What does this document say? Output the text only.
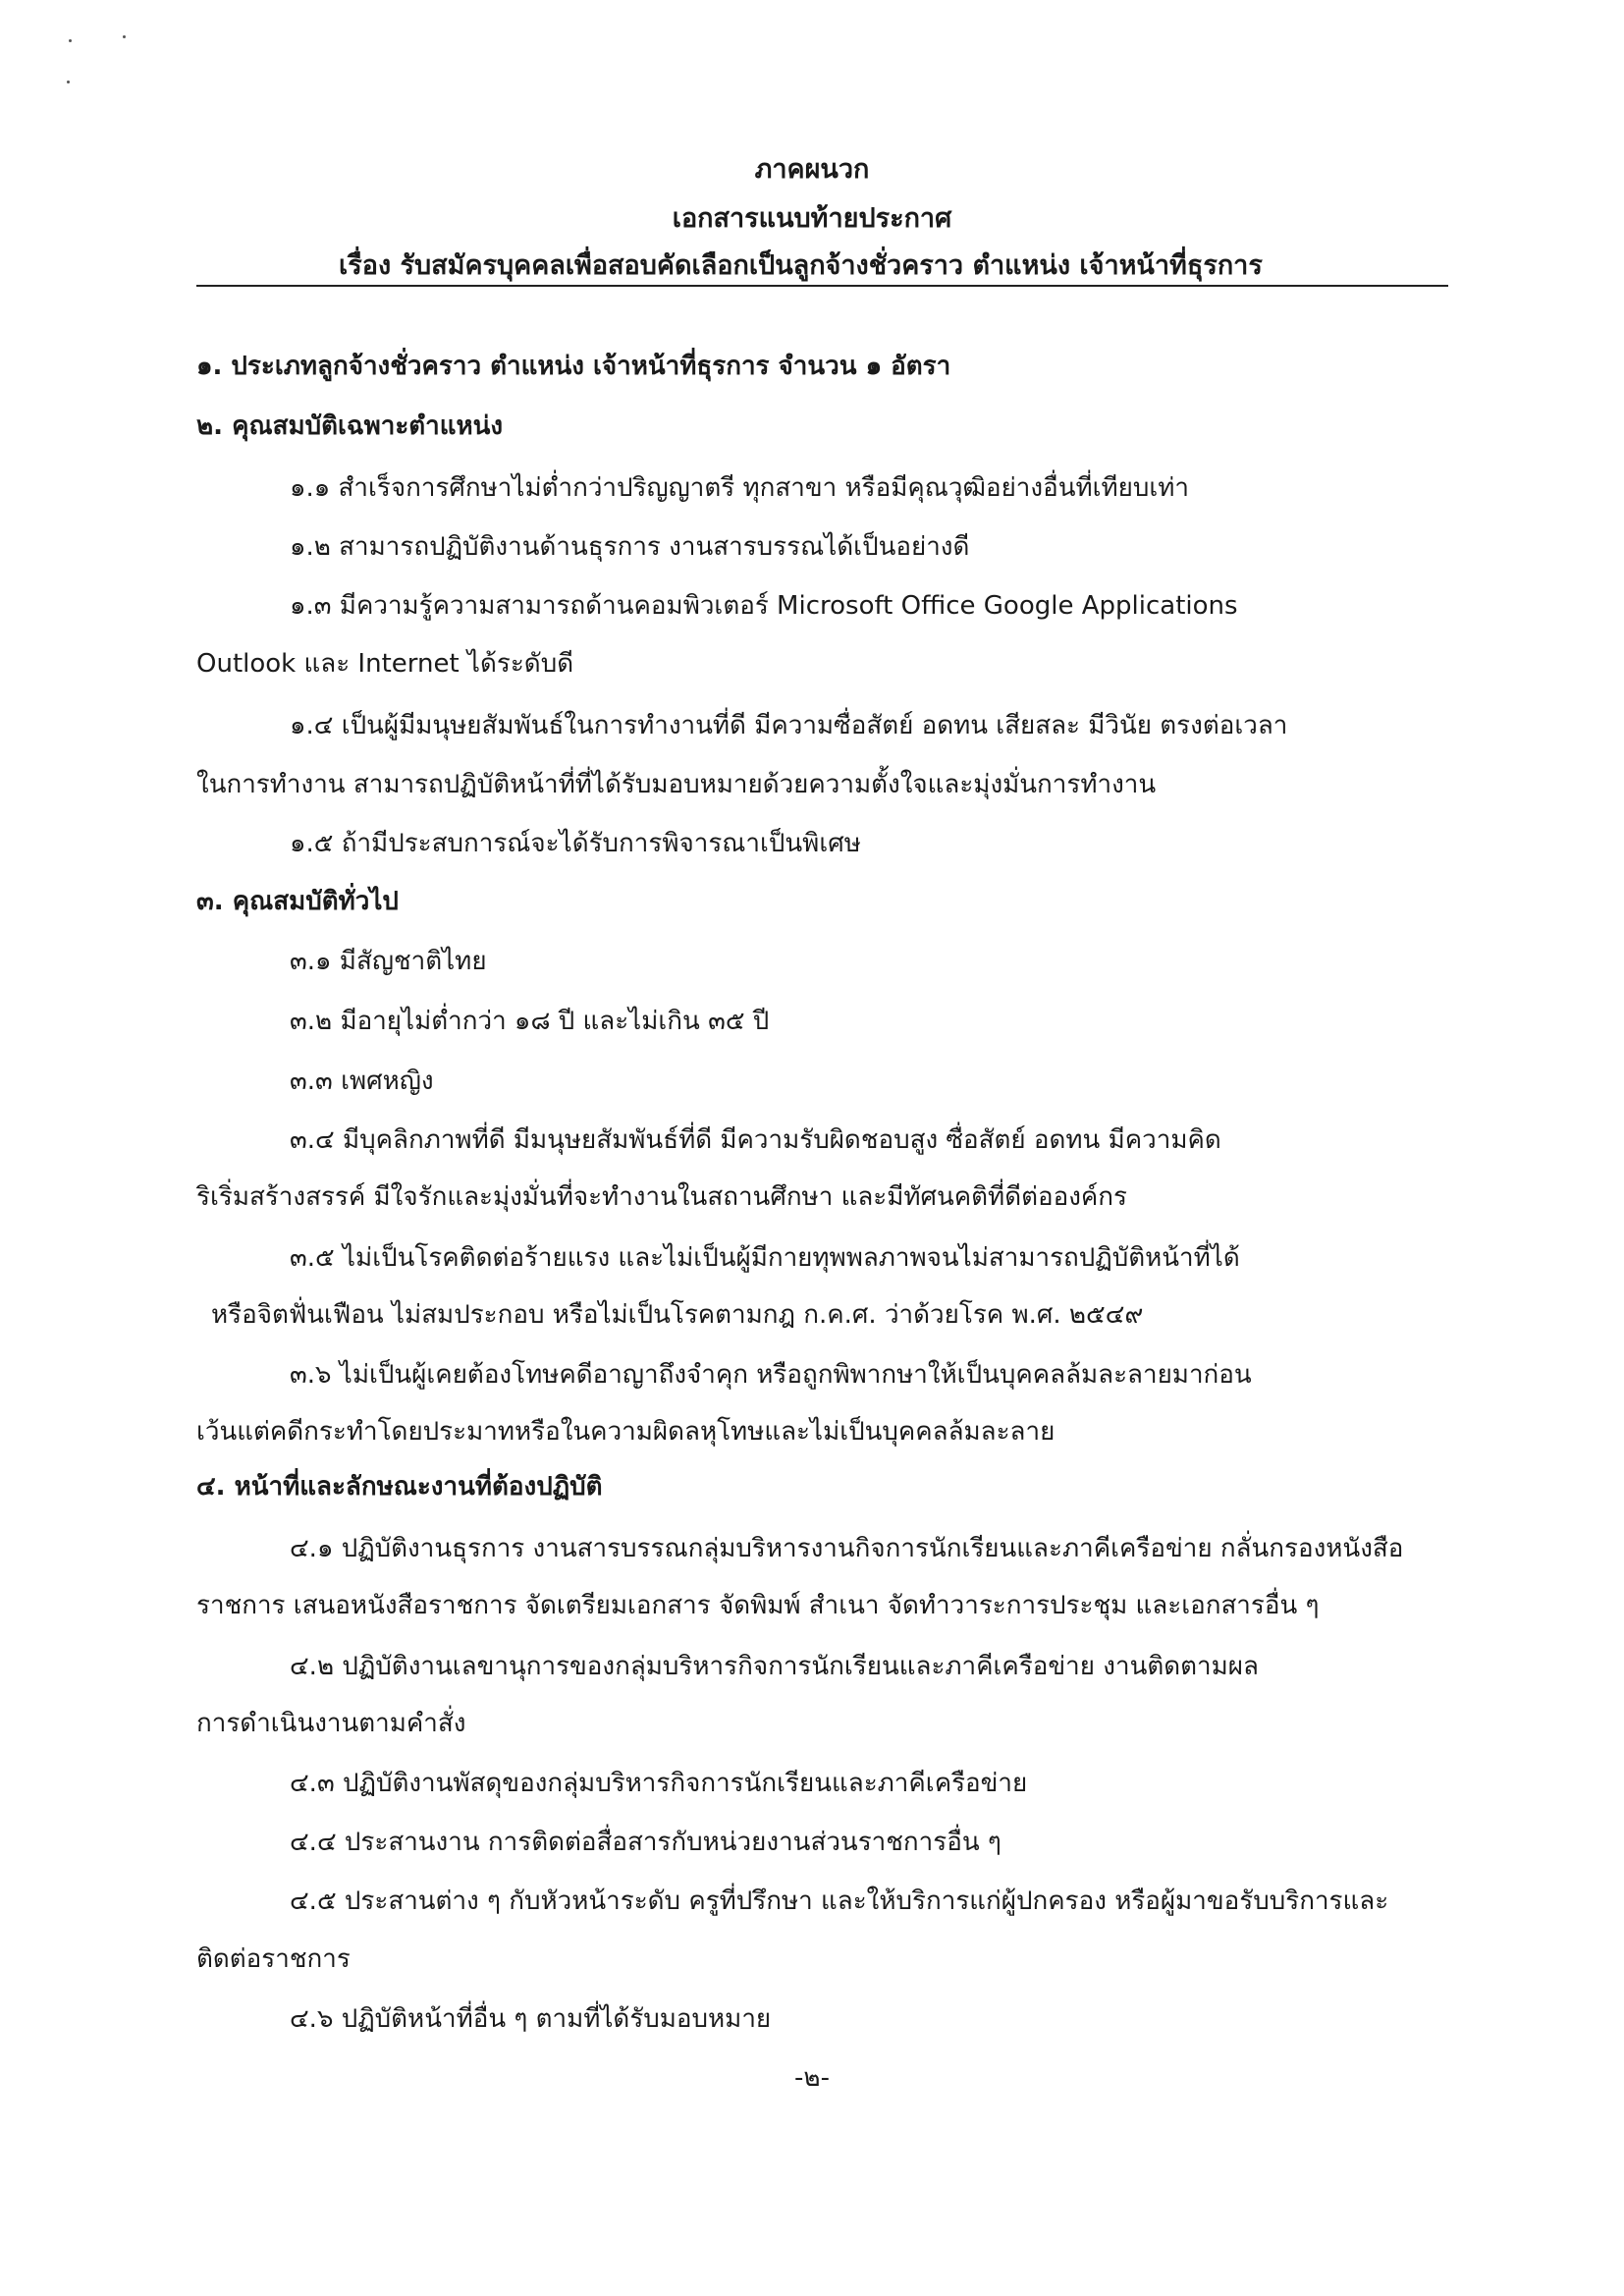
ภาคผนวก
เอกสารแนบท้ายประกาศ
เรื่อง รับสมัครบุคคลเพื่อสอบคัดเลือกเป็นลูกจ้างชั่วคราว ตำแหน่ง เจ้าหน้าที่ธุรการ
๑. ประเภทลูกจ้างชั่วคราว ตำแหน่ง เจ้าหน้าที่ธุรการ จำนวน ๑ อัตรา
๒. คุณสมบัติเฉพาะตำแหน่ง
๑.๑ สำเร็จการศึกษาไม่ต่ำกว่าปริญญาตรี ทุกสาขา หรือมีคุณวุฒิอย่างอื่นที่เทียบเท่า
๑.๒ สามารถปฏิบัติงานด้านธุรการ งานสารบรรณได้เป็นอย่างดี
๑.๓ มีความรู้ความสามารถด้านคอมพิวเตอร์ Microsoft Office Google Applications
Outlook และ Internet ได้ระดับดี
๑.๔ เป็นผู้มีมนุษยสัมพันธ์ในการทำงานที่ดี มีความซื่อสัตย์ อดทน เสียสละ มีวินัย ตรงต่อเวลา
ในการทำงาน สามารถปฏิบัติหน้าที่ที่ได้รับมอบหมายด้วยความตั้งใจและมุ่งมั่นการทำงาน
๑.๕ ถ้ามีประสบการณ์จะได้รับการพิจารณาเป็นพิเศษ
๓. คุณสมบัติทั่วไป
๓.๑ มีสัญชาติไทย
๓.๒ มีอายุไม่ต่ำกว่า ๑๘ ปี และไม่เกิน ๓๕ ปี
๓.๓ เพศหญิง
๓.๔ มีบุคลิกภาพที่ดี มีมนุษยสัมพันธ์ที่ดี มีความรับผิดชอบสูง ซื่อสัตย์ อดทน มีความคิด
ริเริ่มสร้างสรรค์ มีใจรักและมุ่งมั่นที่จะทำงานในสถานศึกษา และมีทัศนคติที่ดีต่อองค์กร
๓.๕ ไม่เป็นโรคติดต่อร้ายแรง และไม่เป็นผู้มีกายทุพพลภาพจนไม่สามารถปฏิบัติหน้าที่ได้
หรือจิตฟั่นเฟือน ไม่สมประกอบ หรือไม่เป็นโรคตามกฎ ก.ค.ศ. ว่าด้วยโรค พ.ศ. ๒๕๔๙
๓.๖ ไม่เป็นผู้เคยต้องโทษคดีอาญาถึงจำคุก หรือถูกพิพากษาให้เป็นบุคคลล้มละลายมาก่อน
เว้นแต่คดีกระทำโดยประมาทหรือในความผิดลหุโทษและไม่เป็นบุคคลล้มละลาย
๔. หน้าที่และลักษณะงานที่ต้องปฏิบัติ
๔.๑ ปฏิบัติงานธุรการ งานสารบรรณกลุ่มบริหารงานกิจการนักเรียนและภาคีเครือข่าย กลั่นกรองหนังสือ
ราชการ เสนอหนังสือราชการ จัดเตรียมเอกสาร จัดพิมพ์ สำเนา จัดทำวาระการประชุม และเอกสารอื่น ๆ
๔.๒ ปฏิบัติงานเลขานุการของกลุ่มบริหารกิจการนักเรียนและภาคีเครือข่าย งานติดตามผล
การดำเนินงานตามคำสั่ง
๔.๓ ปฏิบัติงานพัสดุของกลุ่มบริหารกิจการนักเรียนและภาคีเครือข่าย
๔.๔ ประสานงาน การติดต่อสื่อสารกับหน่วยงานส่วนราชการอื่น ๆ
๔.๕ ประสานต่าง ๆ กับหัวหน้าระดับ ครูที่ปรึกษา และให้บริการแก่ผู้ปกครอง หรือผู้มาขอรับบริการและ
ติดต่อราชการ
๔.๖ ปฏิบัติหน้าที่อื่น ๆ ตามที่ได้รับมอบหมาย
-๒-
